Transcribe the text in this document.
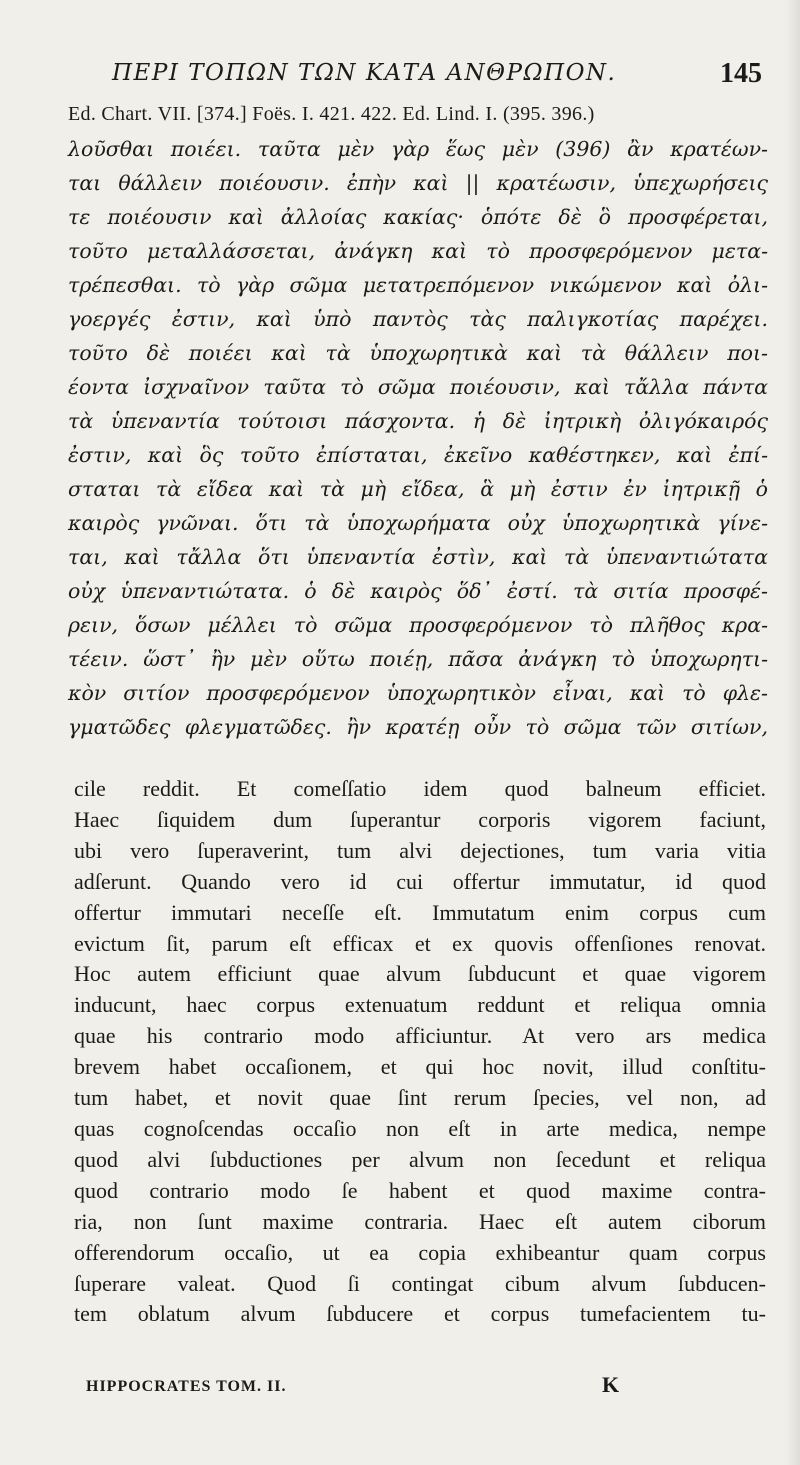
ΠΕΡΙ ΤΟΠΩΝ ΤΩΝ ΚΑΤΑ ΑΝΘΡΩΠΟΝ.	145
Ed. Chart. VII. [374.] Foës. I. 421. 422. Ed. Lind. I. (395. 396.)
λοῦσθαι ποιέει. ταῦτα μὲν γὰρ ἕως μὲν (396) ἂν κρατέων-
ται θάλλειν ποιέουσιν. ἐπὴν καὶ || κρατέωσιν, ὑπεχωρήσεις
τε ποιέουσιν καὶ ἀλλοίας κακίας· ὁπότε δὲ ὃ προσφέρεται,
τοῦτο μεταλλάσσεται, ἀνάγκη καὶ τὸ προσφερόμενον μετα-
τρέπεσθαι. τὸ γὰρ σῶμα μετατρεπόμενον νικώμενον καὶ ὀλι-
γοεργές ἐστιν, καὶ ὑπὸ παντὸς τὰς παλιγκοτίας παρέχει.
τοῦτο δὲ ποιέει καὶ τὰ ὑποχωρητικὰ καὶ τὰ θάλλειν ποι-
έοντα ἰσχναῖνον ταῦτα τὸ σῶμα ποιέουσιν, καὶ τἄλλα πάντα
τὰ ὑπεναντία τούτοισι πάσχοντα. ἡ δὲ ἰητρικὴ ὀλιγόκαιρός
ἐστιν, καὶ ὃς τοῦτο ἐπίσταται, ἐκεῖνο καθέστηκεν, καὶ ἐπί-
σταται τὰ εἴδεα καὶ τὰ μὴ εἴδεα, ἃ μὴ ἐστιν ἐν ἰητρικῇ ὁ
καιρὸς γνῶναι. ὅτι τὰ ὑποχωρήματα οὐχ ὑποχωρητικὰ γίνε-
ται, καὶ τἄλλα ὅτι ὑπεναντία ἐστὶν, καὶ τὰ ὑπεναντιώτατα
οὐχ ὑπεναντιώτατα. ὁ δὲ καιρὸς ὅδ᾽ ἐστί. τὰ σιτία προσφέ-
ρειν, ὅσων μέλλει τὸ σῶμα προσφερόμενον τὸ πλῆθος κρα-
τέειν. ὥστ᾽ ἢν μὲν οὕτω ποιέῃ, πᾶσα ἀνάγκη τὸ ὑποχωρητι-
κὸν σιτίον προσφερόμενον ὑποχωρητικὸν εἶναι, καὶ τὸ φλε-
γματῶδες φλεγματῶδες. ἢν κρατέῃ οὖν τὸ σῶμα τῶν σιτίων,
cile reddit. Et comeſſatio idem quod balneum efficiet.
Haec ſiquidem dum ſuperantur corporis vigorem faciunt,
ubi vero ſuperaverint, tum alvi dejectiones, tum varia vitia
adſerunt. Quando vero id cui offertur immutatur, id quod
offertur immutari neceſſe eſt. Immutatum enim corpus cum
evictum ſit, parum eſt efficax et ex quovis offenſiones renovat.
Hoc autem efficiunt quae alvum ſubducunt et quae vigorem
inducunt, haec corpus extenuatum reddunt et reliqua omnia
quae his contrario modo afficiuntur. At vero ars medica
brevem habet occaſionem, et qui hoc novit, illud conſtitu-
tum habet, et novit quae ſint rerum ſpecies, vel non, ad
quas cognoſcendas occaſio non eſt in arte medica, nempe
quod alvi ſubductiones per alvum non ſecedunt et reliqua
quod contrario modo ſe habent et quod maxime contra-
ria, non ſunt maxime contraria. Haec eſt autem ciborum
offerendorum occaſio, ut ea copia exhibeantur quam corpus
ſuperare valeat. Quod ſi contingat cibum alvum ſubducen-
tem oblatum alvum ſubducere et corpus tumefacientem tu-
HIPPOCRATES TOM. II.	K
